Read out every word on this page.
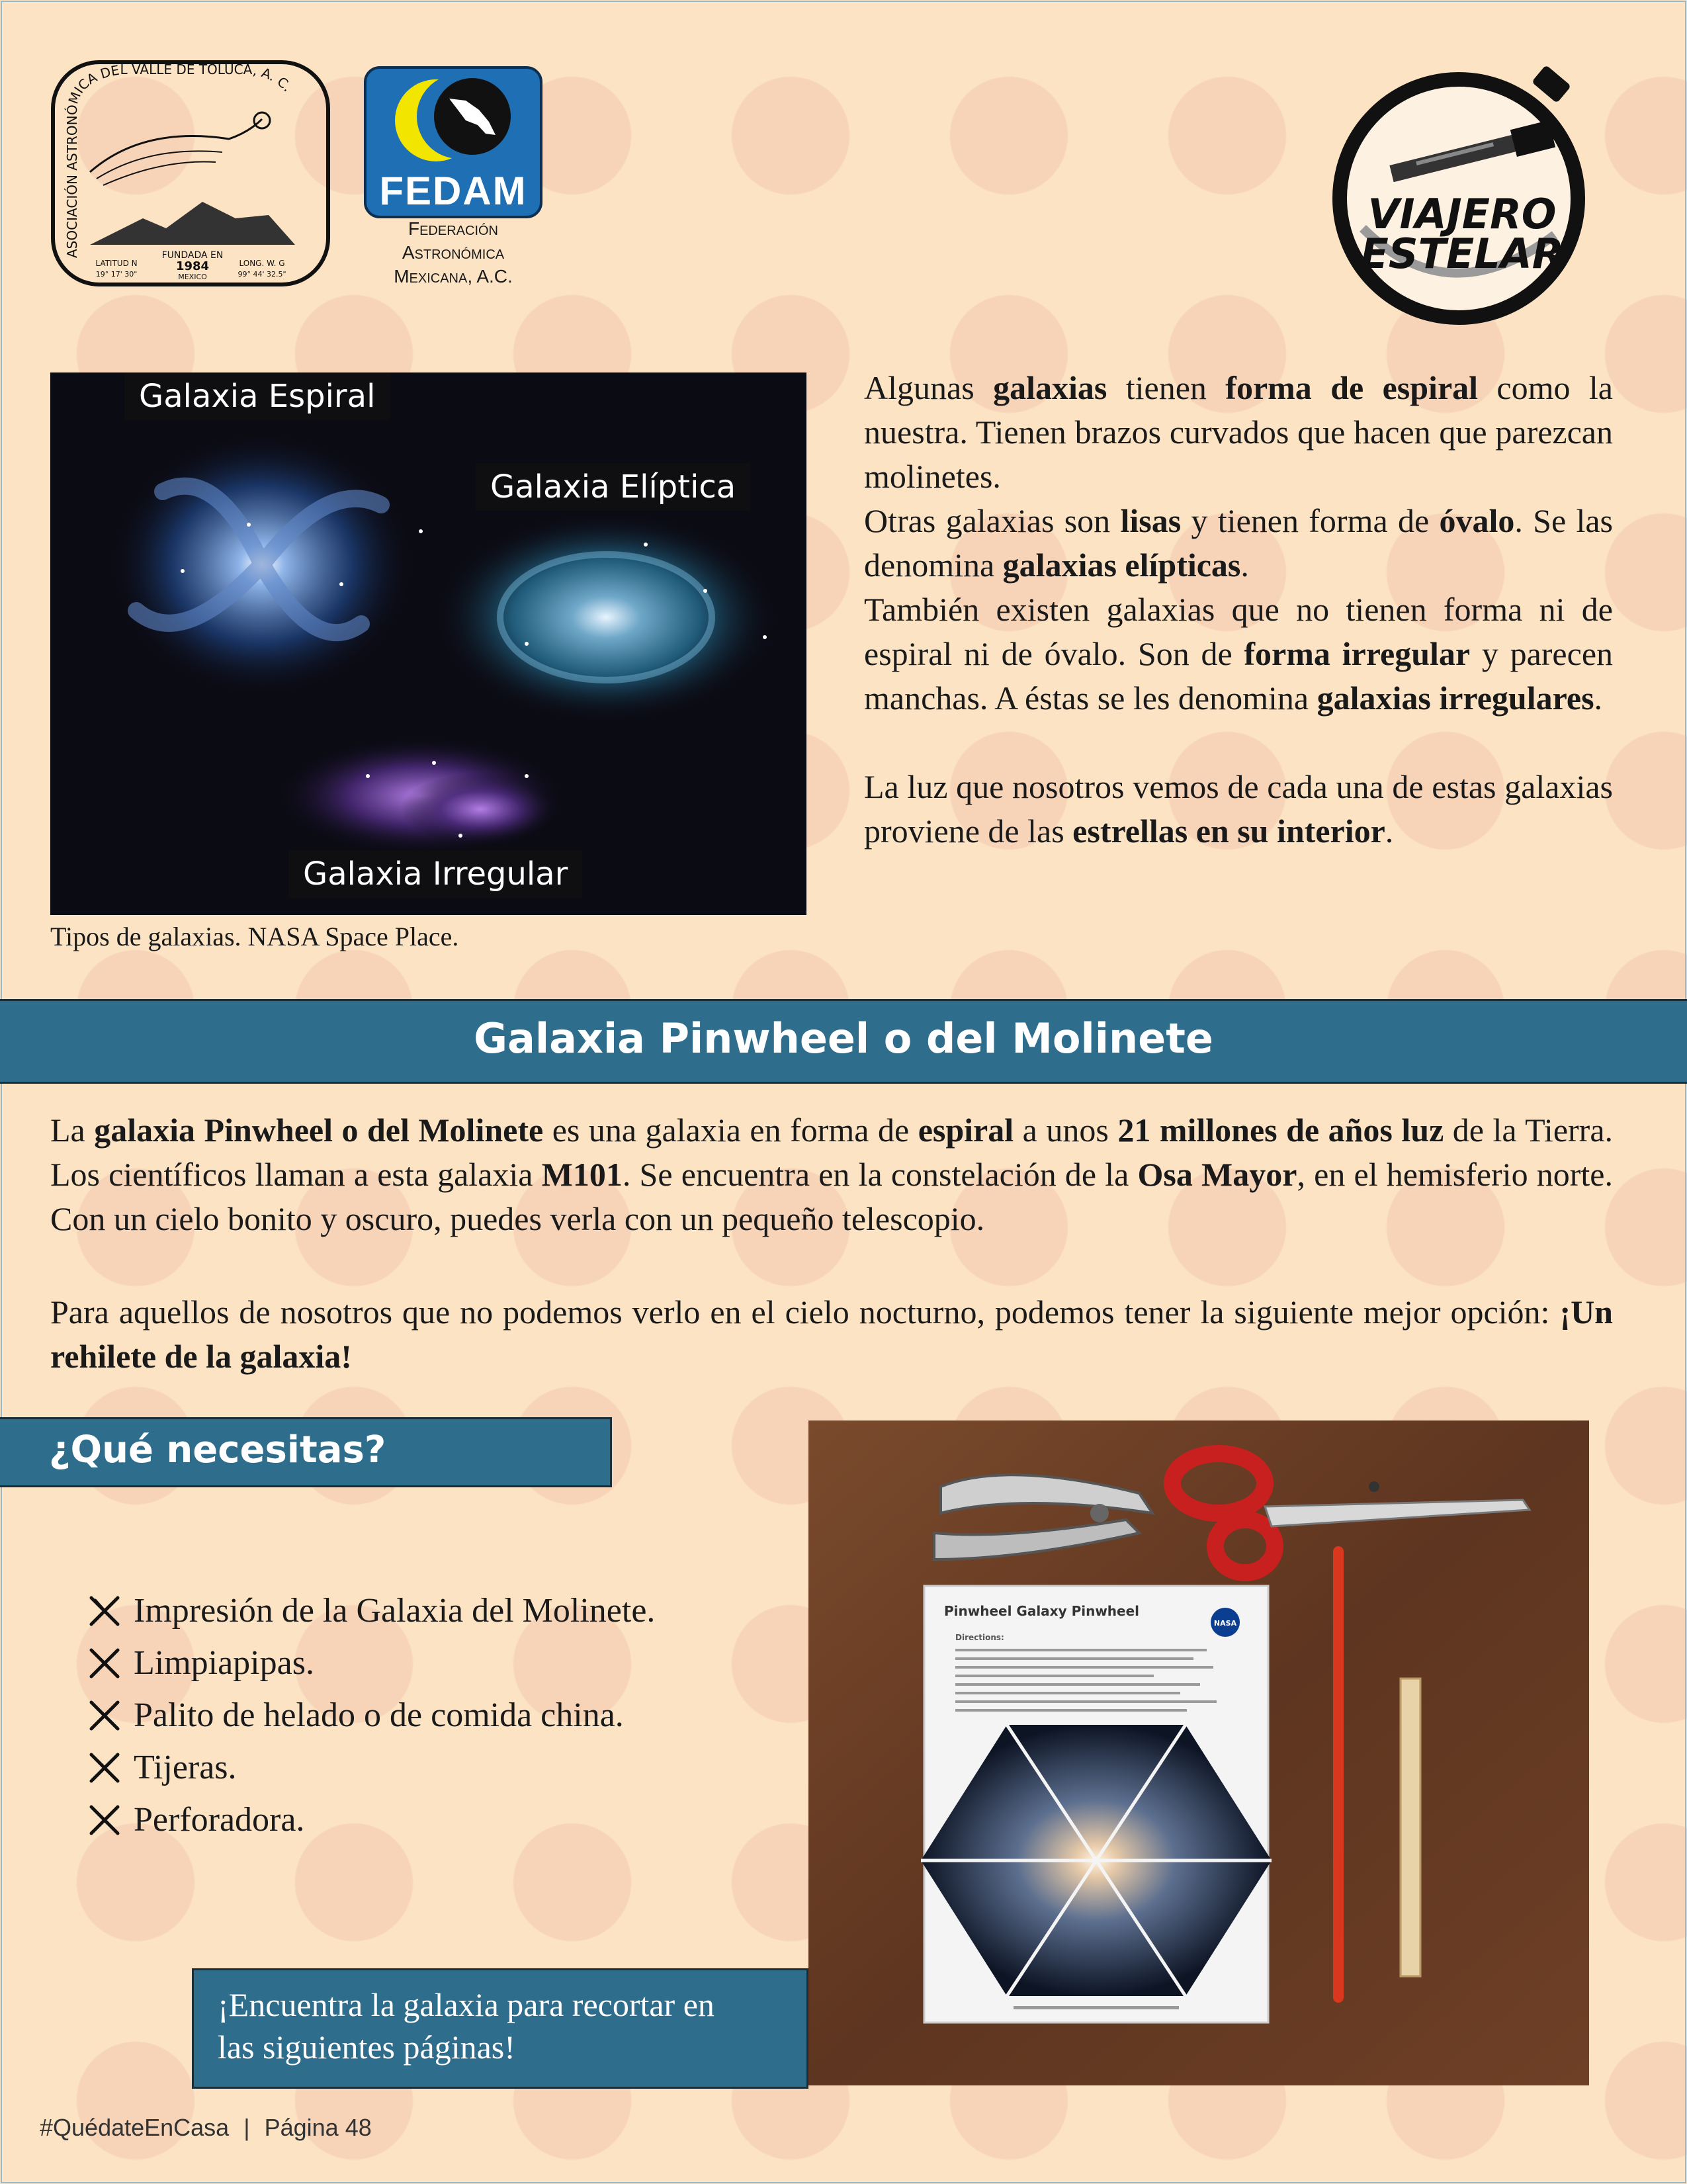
ASOCIACIÓN ASTRONÓMICA DEL VALLE DE TOLUCA, A. C.
FUNDADA EN
1984
LATITUD N
19° 17' 30"	MEXICO
LONG. W. G
99° 44' 32.5"
FEDAM
Federación
Astronómica
Mexicana, A.C.
VIAJERO
ESTELAR
Galaxia Espiral
Galaxia Elíptica
Galaxia Irregular
Tipos de galaxias. NASA Space Place.

Algunas galaxias tienen forma de espiral como la nuestra. Tienen brazos curvados que hacen que parezcan molinetes.

Otras galaxias son lisas y tienen forma de óvalo. Se las denomina galaxias elípticas.

También existen galaxias que no tienen forma ni de espiral ni de óvalo. Son de forma irregular y parecen manchas. A éstas se les denomina galaxias irregulares.

La luz que nosotros vemos de cada una de estas galaxias proviene de las estrellas en su interior.

Galaxia Pinwheel o del Molinete

La galaxia Pinwheel o del Molinete es una galaxia en forma de espiral a unos 21 millones de años luz de la Tierra. Los científicos llaman a esta galaxia M101. Se encuentra en la constelación de la Osa Mayor, en el hemisferio norte. Con un cielo bonito y oscuro, puedes verla con un pequeño telescopio.

Para aquellos de nosotros que no podemos verlo en el cielo nocturno, podemos tener la siguiente mejor opción: ¡Un rehilete de la galaxia!

¿Qué necesitas?
Impresión de la Galaxia del Molinete.
Limpiapipas.
Palito de helado o de comida china.
Tijeras.
Perforadora.
¡Encuentra la galaxia para recortar en las siguientes páginas!
Pinwheel Galaxy Pinwheel
Directions:
NASA
#QuédateEnCasa | Página 48
